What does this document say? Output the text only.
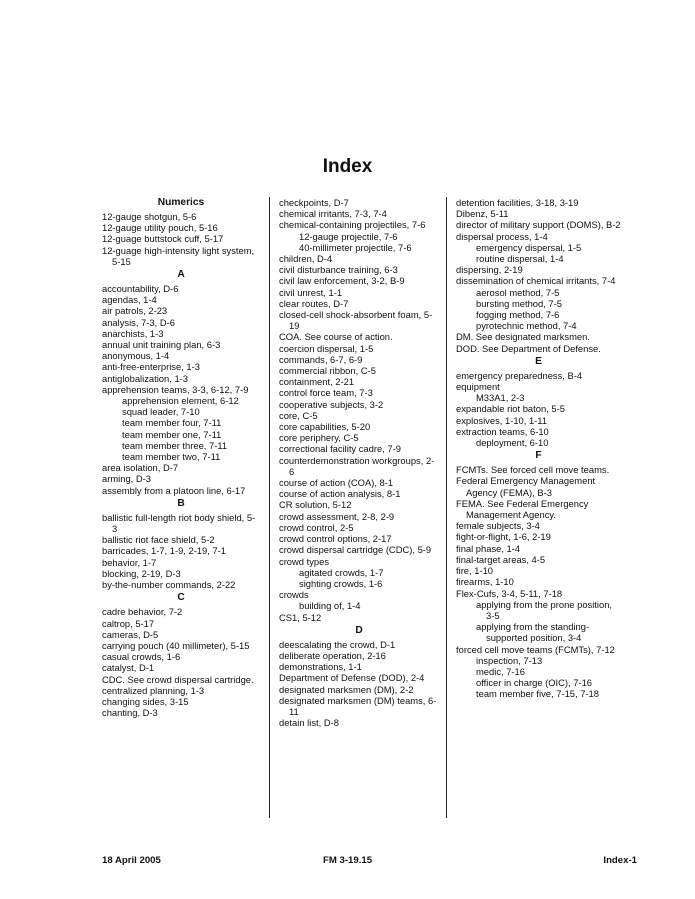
Index
Numerics
12-gauge shotgun, 5-6
12-gauge utility pouch, 5-16
12-guage buttstock cuff, 5-17
12-guage high-intensity light system, 5-15
A
accountability, D-6
agendas, 1-4
air patrols, 2-23
analysis, 7-3, D-6
anarchists, 1-3
annual unit training plan, 6-3
anonymous, 1-4
anti-free-enterprise, 1-3
antiglobalization, 1-3
apprehension teams, 3-3, 6-12, 7-9
apprehension element, 6-12
squad leader, 7-10
team member four, 7-11
team member one, 7-11
team member three, 7-11
team member two, 7-11
area isolation, D-7
arming, D-3
assembly from a platoon line, 6-17
B
ballistic full-length riot body shield, 5-3
ballistic riot face shield, 5-2
barricades, 1-7, 1-9, 2-19, 7-1
behavior, 1-7
blocking, 2-19, D-3
by-the-number commands, 2-22
C
cadre behavior, 7-2
caltrop, 5-17
cameras, D-5
carrying pouch (40 millimeter), 5-15
casual crowds, 1-6
catalyst, D-1
CDC. See crowd dispersal cartridge.
centralized planning, 1-3
changing sides, 3-15
chanting, D-3
checkpoints, D-7
chemical irritants, 7-3, 7-4
chemical-containing projectiles, 7-6
12-gauge projectile, 7-6
40-millimeter projectile, 7-6
children, D-4
civil disturbance training, 6-3
civil law enforcement, 3-2, B-9
civil unrest, 1-1
clear routes, D-7
closed-cell shock-absorbent foam, 5-19
COA. See course of action.
coercion dispersal, 1-5
commands, 6-7, 6-9
commercial ribbon, C-5
containment, 2-21
control force team, 7-3
cooperative subjects, 3-2
core, C-5
core capabilities, 5-20
core periphery, C-5
correctional facility cadre, 7-9
counterdemonstration workgroups, 2-6
course of action (COA), 8-1
course of action analysis, 8-1
CR solution, 5-12
crowd assessment, 2-8, 2-9
crowd control, 2-5
crowd control options, 2-17
crowd dispersal cartridge (CDC), 5-9
crowd types
agitated crowds, 1-7
sighting crowds, 1-6
crowds
building of, 1-4
CS1, 5-12
D
deescalating the crowd, D-1
deliberate operation, 2-16
demonstrations, 1-1
Department of Defense (DOD), 2-4
designated marksmen (DM), 2-2
designated marksmen (DM) teams, 6-11
detain list, D-8
detention facilities, 3-18, 3-19
Dibenz, 5-11
director of military support (DOMS), B-2
dispersal process, 1-4
emergency dispersal, 1-5
routine dispersal, 1-4
dispersing, 2-19
dissemination of chemical irritants, 7-4
aerosol method, 7-5
bursting method, 7-5
fogging method, 7-6
pyrotechnic method, 7-4
DM. See designated marksmen.
DOD. See Department of Defense.
E
emergency preparedness, B-4
equipment
M33A1, 2-3
expandable riot baton, 5-5
explosives, 1-10, 1-11
extraction teams, 6-10
deployment, 6-10
F
FCMTs. See forced cell move teams.
Federal Emergency Management Agency (FEMA), B-3
FEMA. See Federal Emergency Management Agency.
female subjects, 3-4
fight-or-flight, 1-6, 2-19
final phase, 1-4
final-target areas, 4-5
fire, 1-10
firearms, 1-10
Flex-Cufs, 3-4, 5-11, 7-18
applying from the prone position, 3-5
applying from the standing-supported position, 3-4
forced cell move teams (FCMTs), 7-12
inspection, 7-13
medic, 7-16
officer in charge (OIC), 7-16
team member five, 7-15, 7-18
18 April 2005	FM 3-19.15	Index-1
